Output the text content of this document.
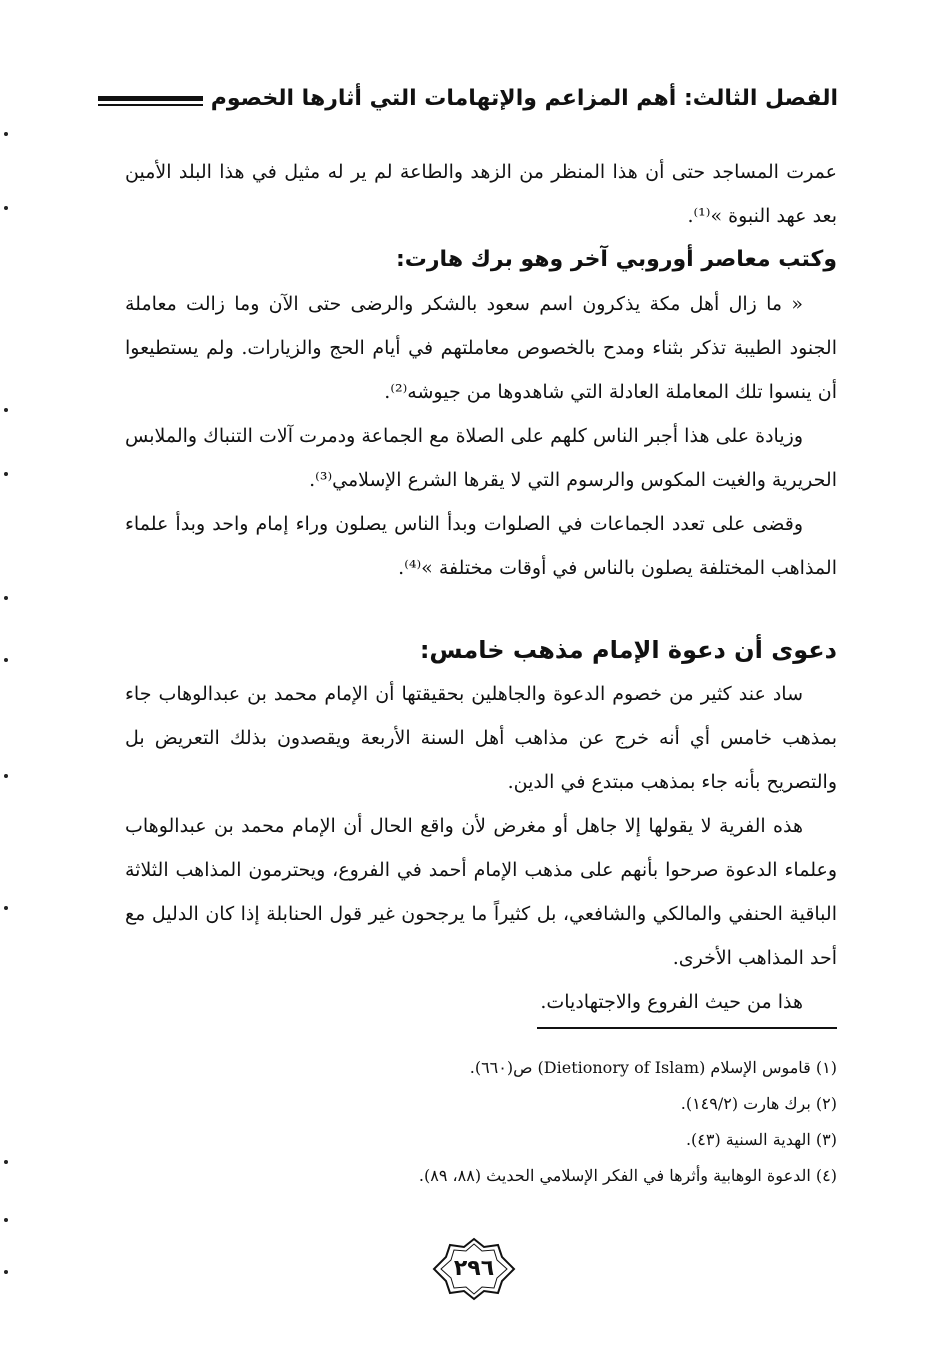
الفصل الثالث: أهم المزاعم والإتهامات التي أثارها الخصوم

عمرت المساجد حتى أن هذا المنظر من الزهد والطاعة لم ير له مثيل في هذا البلد الأمين بعد عهد النبوة »⁽¹⁾.

وكتب معاصر أوروبي آخر وهو برك هارت:

« ما زال أهل مكة يذكرون اسم سعود بالشكر والرضى حتى الآن وما زالت معاملة الجنود الطيبة تذكر بثناء ومدح بالخصوص معاملتهم في أيام الحج والزيارات. ولم يستطيعوا أن ينسوا تلك المعاملة العادلة التي شاهدوها من جيوشه⁽²⁾.

وزيادة على هذا أجبر الناس كلهم على الصلاة مع الجماعة ودمرت آلات التنباك والملابس الحريرية والغيت المكوس والرسوم التي لا يقرها الشرع الإسلامي⁽³⁾.

وقضى على تعدد الجماعات في الصلوات وبدأ الناس يصلون وراء إمام واحد وبدأ علماء المذاهب المختلفة يصلون بالناس في أوقات مختلفة »⁽⁴⁾.

دعوى أن دعوة الإمام مذهب خامس:

ساد عند كثير من خصوم الدعوة والجاهلين بحقيقتها أن الإمام محمد بن عبدالوهاب جاء بمذهب خامس أي أنه خرج عن مذاهب أهل السنة الأربعة ويقصدون بذلك التعريض بل والتصريح بأنه جاء بمذهب مبتدع في الدين.

هذه الفرية لا يقولها إلا جاهل أو مغرض لأن واقع الحال أن الإمام محمد بن عبدالوهاب وعلماء الدعوة صرحوا بأنهم على مذهب الإمام أحمد في الفروع، ويحترمون المذاهب الثلاثة الباقية الحنفي والمالكي والشافعي، بل كثيراً ما يرجحون غير قول الحنابلة إذا كان الدليل مع أحد المذاهب الأخرى.

هذا من حيث الفروع والاجتهاديات.

(١) قاموس الإسلام (Dietionory of Islam) ص(٦٦٠).

(٢) برك هارت (١٤٩/٢).

(٣) الهدية السنية (٤٣).

(٤) الدعوة الوهابية وأثرها في الفكر الإسلامي الحديث (٨٨، ٨٩).

٢٩٦
